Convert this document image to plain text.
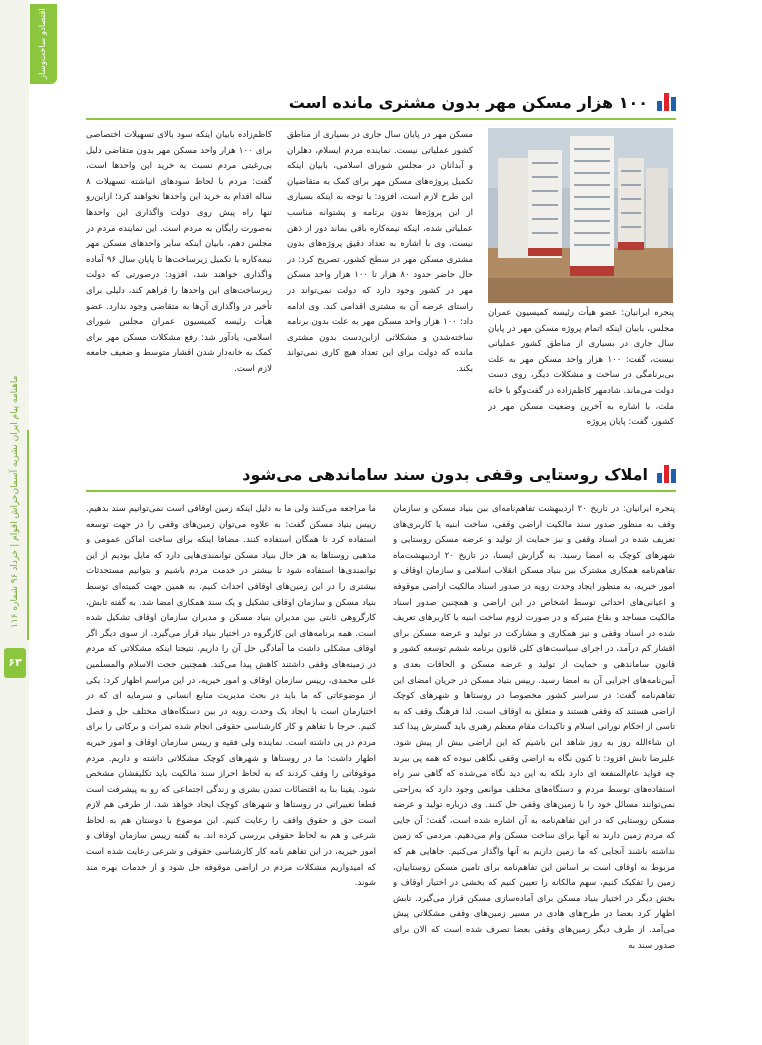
اقتصادو ساخت‌وساز
ماهنامه پیام ایران نشریه آسمان‌خراش اقوام | خرداد ۹۶ شماره ۱۱۶
۶۳
۱۰۰ هزار مسکن مهر بدون مشتری مانده است

پنجره ایرانیان: عضو هیأت رئیسه کمیسیون عمران مجلس، بابیان اینکه اتمام پروژه مسکن مهر در پایان سال جاری در بسیاری از مناطق کشور عملیاتی نیست، گفت: ۱۰۰ هزار واحد مسکن مهر به علت بی‌برنامگی در ساخت و مشکلات دیگر، روی دست دولت می‌ماند. شادمهر کاظم‌زاده در گفت‌وگو با خانه ملت، با اشاره به آخرین وضعیت مسکن مهر در کشور، گفت: پایان پروژه

مسکن مهر در پایان سال جاری در بسیاری از مناطق کشور عملیاتی نیست. نماینده مردم ایسلام، دهلران و آبدانان در مجلس شورای اسلامی، بابیان اینکه تکمیل پروژه‌های مسکن مهر برای کمک به متقاضیان این طرح لازم است، افزود: با توجه به اینکه بسیاری از این پروژه‌ها بدون برنامه و پشتوانه مناسب عملیاتی شده، اینکه نیمه‌کاره باقی بماند دور از ذهن نیست. وی با اشاره به تعداد دقیق پروژه‌های بدون مشتری مسکن مهر در سطح کشور، تصریح کرد: در حال حاضر حدود ۸۰ هزار تا ۱۰۰ هزار واحد مسکن مهر در کشور وجود دارد که دولت نمی‌تواند در راستای عرضه آن به مشتری اقدامی کند. وی ادامه داد: ۱۰۰ هزار واحد مسکن مهر به علت بدون برنامه ساخته‌شدن و مشکلاتی ازاین‌دست بدون مشتری مانده که دولت برای این تعداد هیچ کاری نمی‌تواند بکند.

کاظم‌زاده بابیان اینکه سود بالای تسهیلات اختصاصی برای ۱۰۰ هزار واحد مسکن مهر بدون متقاضی دلیل بی‌رغبتی مردم نسبت به خرید این واحدها است، گفت: مردم با لحاظ سودهای انباشته تسهیلات ۸ ساله اقدام به خرید این واحدها نخواهند کرد؛ ازاین‌رو تنها راه پیش روی دولت واگذاری این واحدها به‌صورت رایگان به مردم است. این نماینده مردم در مجلس دهم، بابیان اینکه سایر واحدهای مسکن مهر نیمه‌کاره با تکمیل زیرساخت‌ها تا پایان سال ۹۶ آماده واگذاری خواهند شد، افزود: درصورتی که دولت زیرساخت‌های این واحدها را فراهم کند، دلیلی برای تأخیر در واگذاری آن‌ها به متقاضی وجود ندارد. عضو هیأت رئیسه کمیسیون عمران مجلس شورای اسلامی، یادآور شد: رفع مشکلات مسکن مهر برای کمک به خانه‌دار شدن اقشار متوسط و ضعیف جامعه لازم است.

املاک روستایی وقفی بدون سند ساماندهی می‌شود

پنجره ایرانیان: در تاریخ ۲۰ اردیبهشت تفاهم‌نامه‌ای بین بنیاد مسکن و سازمان وقف به منظور صدور سند مالکیت اراضی وقفی، ساخت ابنیه یا کاربری‌های تعریف شده در اسناد وقفی و نیز حمایت از تولید و عرضه مسکن روستایی و شهرهای کوچک به امضا رسید. به گزارش ایسنا، در تاریخ ۲۰ اردیبهشت‌ماه تفاهم‌نامه همکاری مشترک بین بنیاد مسکن انقلاب اسلامی و سازمان اوقاف و امور خیریه، به منظور ایجاد وحدت رویه در صدور اسناد مالکیت اراضی موقوفه و اعیانی‌های احداثی توسط اشخاص در این اراضی و همچنین صدور اسناد مالکیت مساجد و بقاع متبرکه و در صورت لزوم ساخت ابنیه یا کاربرهای تعریف شده در اسناد وقفی و نیز همکاری و مشارکت در تولید و عرضه مسکن برای اقشار کم درآمد، در اجرای سیاست‌های کلی قانون برنامه ششم توسعه کشور و قانون ساماندهی و حمایت از تولید و عرضه مسکن و الحاقات بعدی و آیین‌نامه‌های اجرایی آن به امضا رسید. رییس بنیاد مسکن در جریان امضای این تفاهم‌نامه گفت: در سراسر کشور مخصوصا در روستاها و شهرهای کوچک اراضی هستند که وقفی هستند و متعلق به اوقاف است. لذا فرهنگ وقف که به تاسی از احکام نورانی اسلام و تاکیدات مقام معظم رهبری باید گسترش پیدا کند ان شاءالله روز به روز شاهد این باشیم که این اراضی بیش از پیش شود. علیرضا تابش افزود: تا کنون نگاه به اراضی وقفی نگاهی نبوده که همه پی ببرند چه فواید عام‌المنفعه ای دارد بلکه به این دید نگاه می‌شده که گاهی سر راه استفاده‌های توسط مردم و دستگاه‌های مختلف موانعی وجود دارد که به‌راحتی نمی‌توانند مسائل خود را با زمین‌های وقفی حل کنند. وی درباره تولید و عرضه مسکن روستایی که در این تفاهم‌نامه به آن اشاره شده است، گفت: آن جایی که مردم زمین دارند به آنها برای ساخت مسکن وام می‌دهیم. مردمی که زمین نداشته باشند آنجایی که ما زمین داریم به آنها واگذار می‌کنیم. جاهایی هم که مربوط به اوقاف است بر اساس این تفاهم‌نامه برای تامین مسکن روستاییان، زمین را تفکیک کنیم، سهم مالکانه را تعیین کنیم که بخشی در اختیار اوقاف و بخش دیگر در اختیار بنیاد مسکن برای آماده‌سازی مسکن قرار می‌گیرد. تابش اظهار کرد بعضا در طرح‌های هادی در مسیر زمین‌های وقفی مشکلاتی پیش می‌آمد. از طرف دیگر زمین‌های وقفی بعضا تصرف شده است که الان برای صدور سند به

ما مراجعه می‌کنند ولی ما به دلیل اینکه زمین اوقافی است نمی‌توانیم سند بدهیم. رییس بنیاد مسکن گفت: به علاوه می‌توان زمین‌های وقفی را در جهت توسعه استفاده کرد تا همگان استفاده کنند. مضافا اینکه برای ساخت اماکن عمومی و مذهبی روستاها به هر حال بنیاد مسکن توانمندی‌هایی دارد که مایل بودیم از این توانمندی‌ها استفاده شود تا بیشتر در خدمت مردم باشیم و بتوانیم مستحدثات بیشتری را در این زمین‌های اوقافی احداث کنیم. به همین جهت کمیته‌ای توسط بنیاد مسکن و سازمان اوقاف تشکیل و یک سند همکاری امضا شد. به گفته تابش، کارگروهی ثابتی بین مدیران بنیاد مسکن و مدیران سازمان اوقاف تشکیل شده است. همه برنامه‌های این کارگروه در اختیار بنیاد قرار می‌گیرد. از سوی دیگر اگر اوقاف مشکلی داشت ما آمادگی حل آن را داریم. نتیجتا اینکه مشکلاتی که مردم در زمینه‌های وقفی داشتند کاهش پیدا می‌کند. همچنین حجت الاسلام والمسلمین علی محمدی، رییس سازمان اوقاف و امور خیریه، در این مراسم اظهار کرد: یکی از موضوعاتی که ما باید در بحث مدیریت منابع انسانی و سرمایه ای که در اختیارمان است با ایجاد یک وحدت رویه در بین دستگاه‌های مختلف حل و فصل کنیم. حرجا با تفاهم و کار کارشناسی حقوقی انجام شده ثمرات و برکاتی را برای مردم در پی داشته است. نماینده ولی فقیه و رییس سازمان اوقاف و امور خیریه اظهار داشت: ما در روستاها و شهرهای کوچک مشکلاتی داشته و داریم. مردم موقوفاتی را وقف کردند که به لحاظ احراز سند مالکیت باید تکلیفشان مشخص شود. یقینا بنا به اقتضائات تمدن بشری و زندگی اجتماعی که رو به پیشرفت است قطعا تغییراتی در روستاها و شهرهای کوچک ایجاد خواهد شد. از طرفی هم لازم است حق و حقوق واقف را رعایت کنیم. این موضوع با دوستان هم به لحاظ شرعی و هم به لحاظ حقوقی بررسی کرده اند. به گفته رییس سازمان اوقاف و امور خیریه، در این تفاهم نامه کار کارشناسی حقوقی و شرعی رعایت شده است که امیدواریم مشکلات مردم در اراضی موقوفه حل شود و از خدمات بهره مند شوند.
